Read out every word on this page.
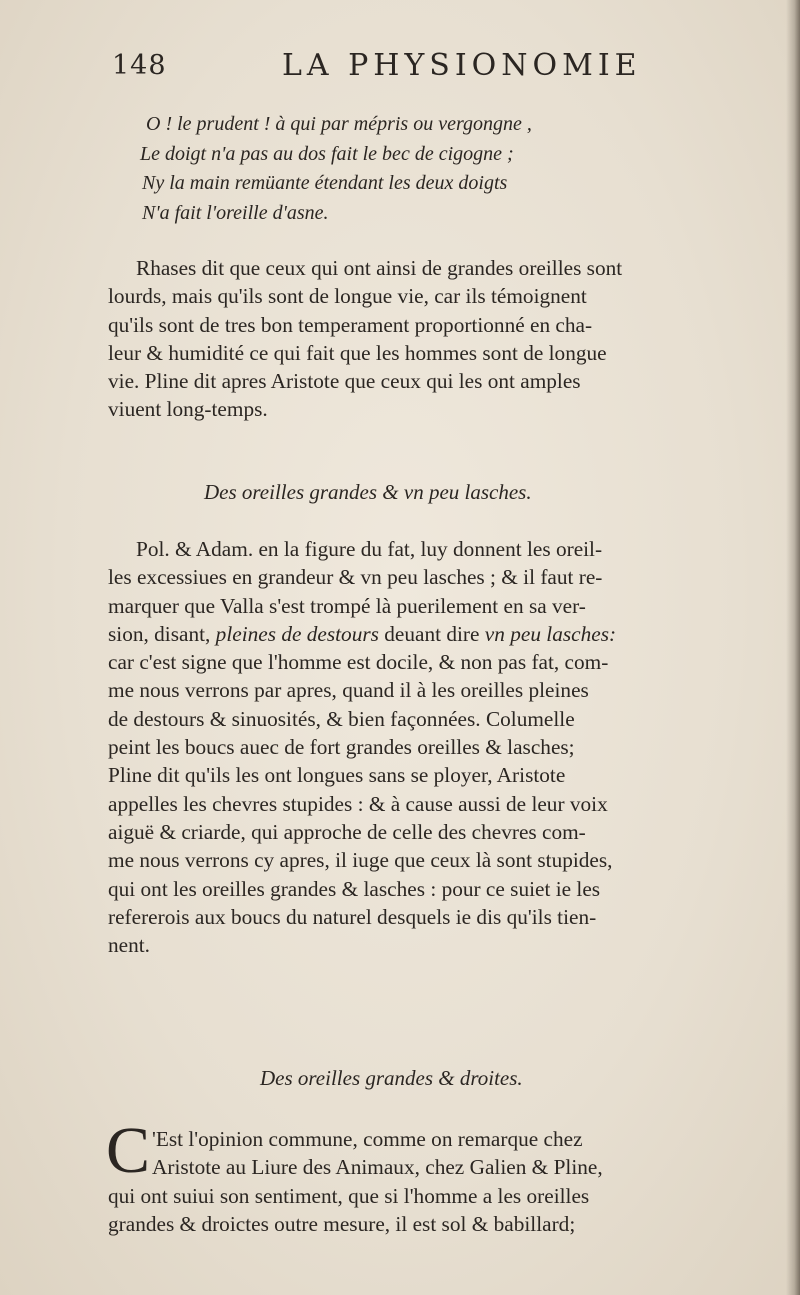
148	LA PHYSIONOMIE
O ! le prudent ! à qui par mépris ou vergongne ,
Le doigt n'a pas au dos fait le bec de cigogne ;
Ny la main remüante étendant les deux doigts
N'a fait l'oreille d'asne.
Rhases dit que ceux qui ont ainsi de grandes oreilles sont
lourds, mais qu'ils sont de longue vie, car ils témoignent
qu'ils sont de tres bon temperament proportionné en cha-
leur & humidité ce qui fait que les hommes sont de longue
vie. Pline dit apres Aristote que ceux qui les ont amples
viuent long-temps.
Des oreilles grandes & vn peu lasches.
Pol. & Adam. en la figure du fat, luy donnent les oreil-
les excessiues en grandeur & vn peu lasches ; & il faut re-
marquer que Valla s'est trompé là puerilement en sa ver-
sion, disant, pleines de destours deuant dire vn peu lasches:
car c'est signe que l'homme est docile, & non pas fat, com-
me nous verrons par apres, quand il à les oreilles pleines
de destours & sinuosités, & bien façonnées. Columelle
peint les boucs auec de fort grandes oreilles & lasches;
Pline dit qu'ils les ont longues sans se ployer, Aristote
appelles les chevres stupides : & à cause aussi de leur voix
aiguë & criarde, qui approche de celle des chevres com-
me nous verrons cy apres, il iuge que ceux là sont stupides,
qui ont les oreilles grandes & lasches : pour ce suiet ie les
refererois aux boucs du naturel desquels ie dis qu'ils tien-
nent.
Des oreilles grandes & droites.
C 'Est l'opinion commune, comme on remarque chez
Aristote au Liure des Animaux, chez Galien & Pline,
qui ont suiui son sentiment, que si l'homme a les oreilles
grandes & droictes outre mesure, il est sol & babillard;
